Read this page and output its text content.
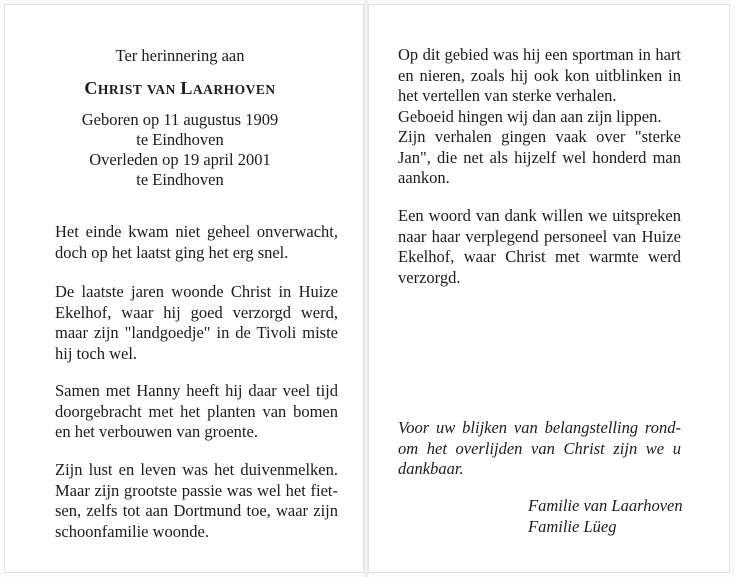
Ter herinnering aan
CHRIST VAN LAARHOVEN
Geboren op 11 augustus 1909
te Eindhoven
Overleden op 19 april 2001
te Eindhoven
Het einde kwam niet geheel onverwacht,
doch op het laatst ging het erg snel.
De laatste jaren woonde Christ in Huize
Ekelhof, waar hij goed verzorgd werd,
maar zijn "landgoedje" in de Tivoli miste
hij toch wel.
Samen met Hanny heeft hij daar veel tijd
doorgebracht met het planten van bomen
en het verbouwen van groente.
Zijn lust en leven was het duivenmelken.
Maar zijn grootste passie was wel het fiet-
sen, zelfs tot aan Dortmund toe, waar zijn
schoonfamilie woonde.
Op dit gebied was hij een sportman in hart
en nieren, zoals hij ook kon uitblinken in
het vertellen van sterke verhalen.
Geboeid hingen wij dan aan zijn lippen.
Zijn verhalen gingen vaak over "sterke
Jan", die net als hijzelf wel honderd man
aankon.
Een woord van dank willen we uitspreken
naar haar verplegend personeel van Huize
Ekelhof, waar Christ met warmte werd
verzorgd.
Voor uw blijken van belangstelling rond-
om het overlijden van Christ zijn we u
dankbaar.
Familie van Laarhoven
Familie Lüeg
